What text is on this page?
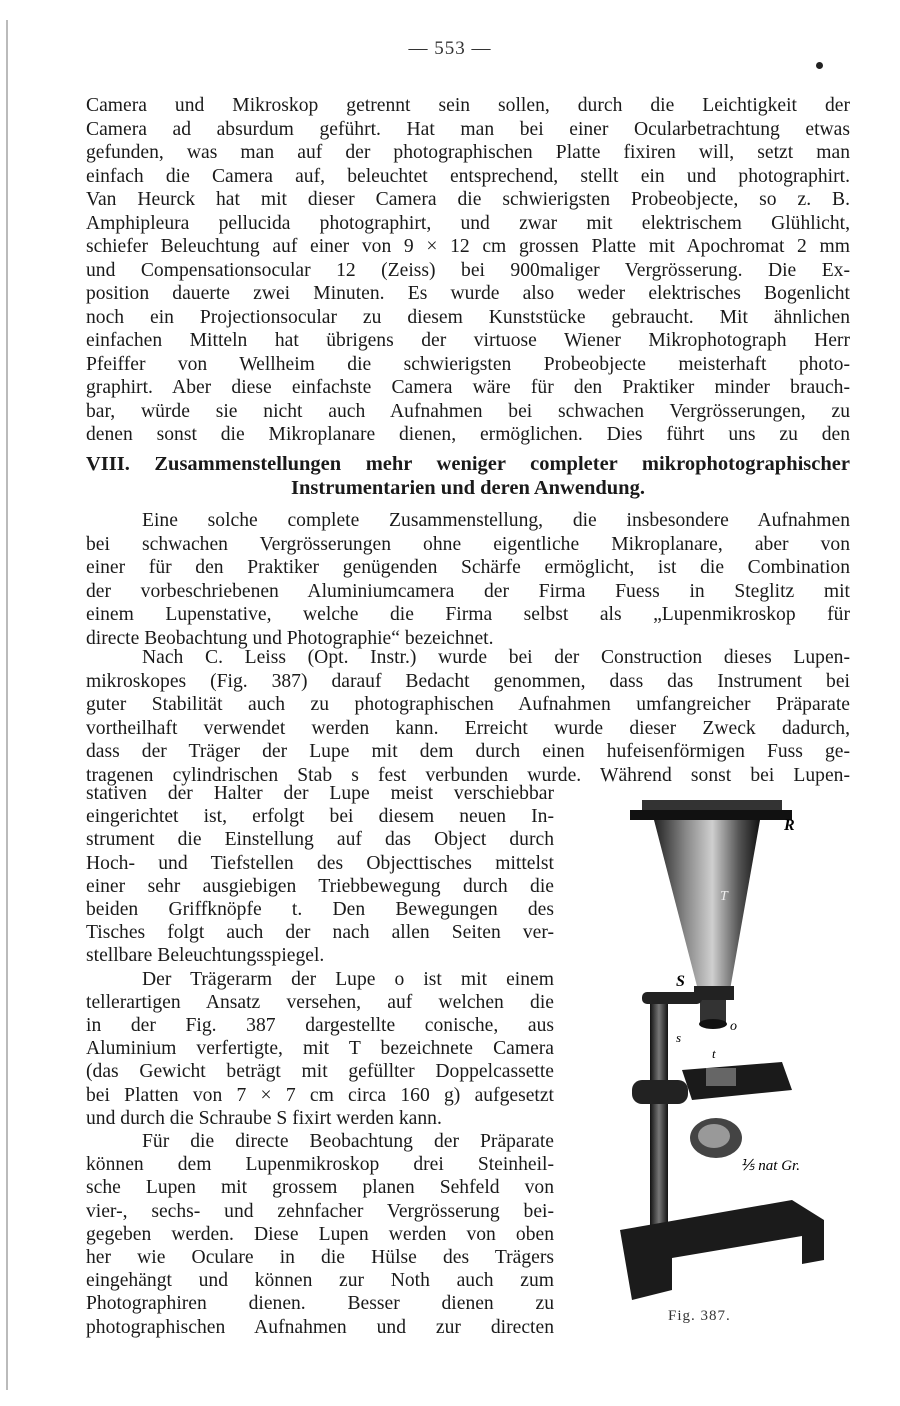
— 553 —
Camera und Mikroskop getrennt sein sollen, durch die Leichtigkeit der
Camera ad absurdum geführt. Hat man bei einer Ocularbetrachtung etwas
gefunden, was man auf der photographischen Platte fixiren will, setzt man
einfach die Camera auf, beleuchtet entsprechend, stellt ein und photographirt.
Van Heurck hat mit dieser Camera die schwierigsten Probeobjecte, so z. B.
Amphipleura pellucida photographirt, und zwar mit elektrischem Glühlicht,
schiefer Beleuchtung auf einer von 9 × 12 cm grossen Platte mit Apochromat 2 mm
und Compensationsocular 12 (Zeiss) bei 900maliger Vergrösserung. Die Ex-
position dauerte zwei Minuten. Es wurde also weder elektrisches Bogenlicht
noch ein Projectionsocular zu diesem Kunststücke gebraucht. Mit ähnlichen
einfachen Mitteln hat übrigens der virtuose Wiener Mikrophotograph Herr
Pfeiffer von Wellheim die schwierigsten Probeobjecte meisterhaft photo-
graphirt. Aber diese einfachste Camera wäre für den Praktiker minder brauch-
bar, würde sie nicht auch Aufnahmen bei schwachen Vergrösserungen, zu
denen sonst die Mikroplanare dienen, ermöglichen. Dies führt uns zu den
VIII. Zusammenstellungen mehr weniger completer mikrophotographischer
Instrumentarien und deren Anwendung.
Eine solche complete Zusammenstellung, die insbesondere Aufnahmen
bei schwachen Vergrösserungen ohne eigentliche Mikroplanare, aber von
einer für den Praktiker genügenden Schärfe ermöglicht, ist die Combination
der vorbeschriebenen Aluminiumcamera der Firma Fuess in Steglitz mit
einem Lupenstative, welche die Firma selbst als „Lupenmikroskop für
directe Beobachtung und Photographie“ bezeichnet.
Nach C. Leiss (Opt. Instr.) wurde bei der Construction dieses Lupen-
mikroskopes (Fig. 387) darauf Bedacht genommen, dass das Instrument bei
guter Stabilität auch zu photographischen Aufnahmen umfangreicher Präparate
vortheilhaft verwendet werden kann. Erreicht wurde dieser Zweck dadurch,
dass der Träger der Lupe mit dem durch einen hufeisenförmigen Fuss ge-
tragenen cylindrischen Stab s fest verbunden wurde. Während sonst bei Lupen-
stativen der Halter der Lupe meist verschiebbar
eingerichtet ist, erfolgt bei diesem neuen In-
strument die Einstellung auf das Object durch
Hoch- und Tiefstellen des Objecttisches mittelst
einer sehr ausgiebigen Triebbewegung durch die
beiden Griffknöpfe t. Den Bewegungen des
Tisches folgt auch der nach allen Seiten ver-
stellbare Beleuchtungsspiegel.
Der Trägerarm der Lupe o ist mit einem
tellerartigen Ansatz versehen, auf welchen die
in der Fig. 387 dargestellte conische, aus
Aluminium verfertigte, mit T bezeichnete Camera
(das Gewicht beträgt mit gefüllter Doppelcassette
bei Platten von 7 × 7 cm circa 160 g) aufgesetzt
und durch die Schraube S fixirt werden kann.
Für die directe Beobachtung der Präparate
können dem Lupenmikroskop drei Steinheil-
sche Lupen mit grossem planen Sehfeld von
vier-, sechs- und zehnfacher Vergrösserung bei-
gegeben werden. Diese Lupen werden von oben
her wie Oculare in die Hülse des Trägers
eingehängt und können zur Noth auch zum
Photographiren dienen. Besser dienen zu
photographischen Aufnahmen und zur directen
R
T
S
o
s
t
e
⅕ nat Gr.
Fig. 387.
